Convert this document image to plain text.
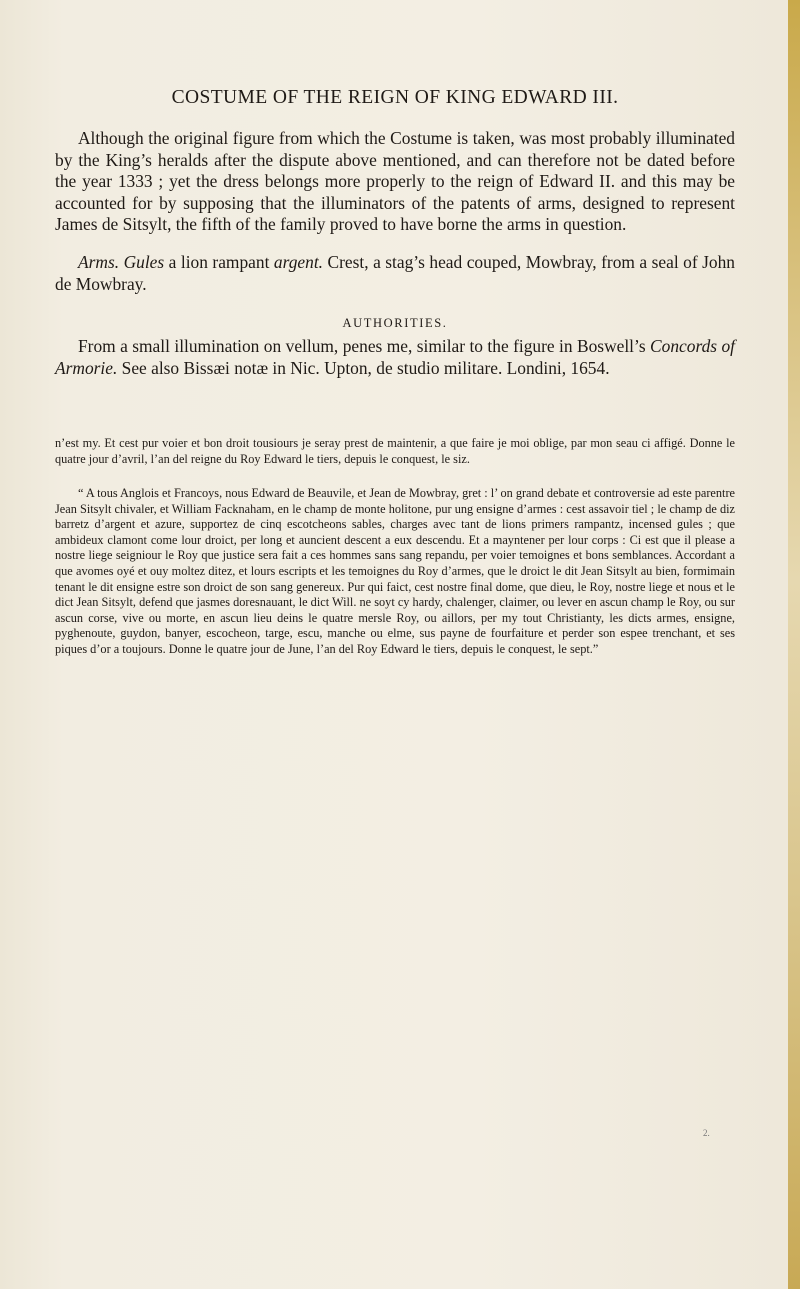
COSTUME OF THE REIGN OF KING EDWARD III.
Although the original figure from which the Costume is taken, was most probably illuminated by the King’s heralds after the dispute above mentioned, and can therefore not be dated before the year 1333 ; yet the dress belongs more properly to the reign of Edward II. and this may be accounted for by supposing that the illuminators of the patents of arms, designed to represent James de Sitsylt, the fifth of the family proved to have borne the arms in question.
Arms. Gules a lion rampant argent. Crest, a stag’s head couped, Mowbray, from a seal of John de Mowbray.
AUTHORITIES.
From a small illumination on vellum, penes me, similar to the figure in Boswell’s Concords of Armorie. See also Bissæi notæ in Nic. Upton, de studio militare. Londini, 1654.
n’est my. Et cest pur voier et bon droit tousiours je seray prest de maintenir, a que faire je moi oblige, par mon seau ci affigé. Donne le quatre jour d’avril, l’an del reigne du Roy Edward le tiers, depuis le conquest, le siz.
“ A tous Anglois et Francoys, nous Edward de Beauvile, et Jean de Mowbray, gret : l’ on grand debate et controversie ad este parentre Jean Sitsylt chivaler, et William Facknaham, en le champ de monte holitone, pur ung ensigne d’armes : cest assavoir tiel ; le champ de diz barretz d’argent et azure, supportez de cinq escotcheons sables, charges avec tant de lions primers rampantz, incensed gules ; que ambideux clamont come lour droict, per long et auncient descent a eux descendu. Et a mayntener per lour corps : Ci est que il please a nostre liege seigniour le Roy que justice sera fait a ces hommes sans sang repandu, per voier temoignes et bons semblances. Accordant a que avomes oyé et ouy moltez ditez, et lours escripts et les temoignes du Roy d’armes, que le droict le dit Jean Sitsylt au bien, formimain tenant le dit ensigne estre son droict de son sang genereux. Pur qui faict, cest nostre final dome, que dieu, le Roy, nostre liege et nous et le dict Jean Sitsylt, defend que jasmes doresnauant, le dict Will. ne soyt cy hardy, chalenger, claimer, ou lever en ascun champ le Roy, ou sur ascun corse, vive ou morte, en ascun lieu deins le quatre mersle Roy, ou aillors, per my tout Christianty, les dicts armes, ensigne, pyghenoute, guydon, banyer, escocheon, targe, escu, manche ou elme, sus payne de fourfaiture et perder son espee trenchant, et ses piques d’or a toujours. Donne le quatre jour de June, l’an del Roy Edward le tiers, depuis le conquest, le sept.”
2.
